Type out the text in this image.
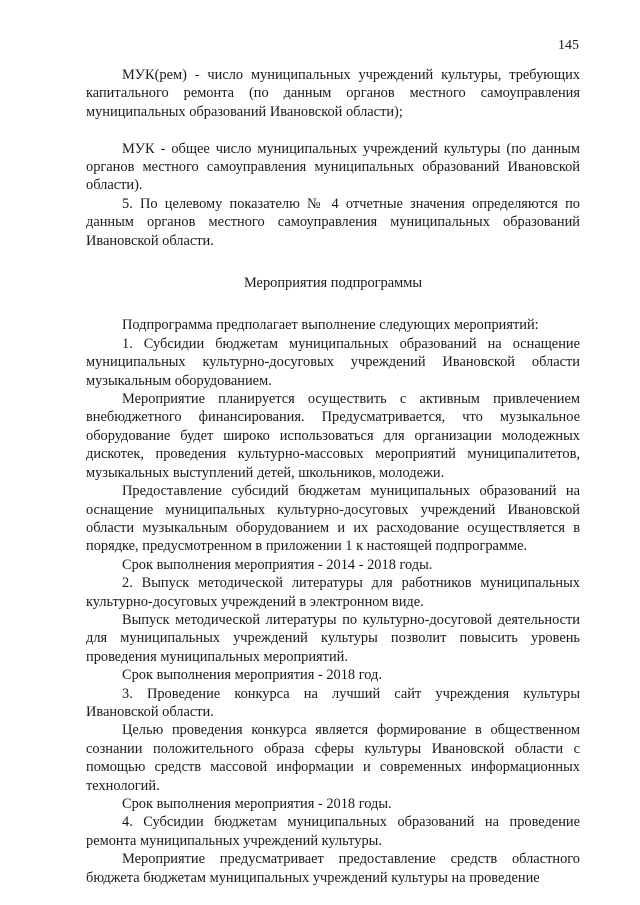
145

МУК(рем) - число муниципальных учреждений культуры, требующих капитального ремонта (по данным органов местного самоуправления муниципальных образований Ивановской области);

МУК - общее число муниципальных учреждений культуры (по данным органов местного самоуправления муниципальных образований Ивановской области).

5. По целевому показателю № 4 отчетные значения определяются по данным органов местного самоуправления муниципальных образований Ивановской области.

Мероприятия подпрограммы

Подпрограмма предполагает выполнение следующих мероприятий:

1. Субсидии бюджетам муниципальных образований на оснащение муниципальных культурно-досуговых учреждений Ивановской области музыкальным оборудованием.

Мероприятие планируется осуществить с активным привлечением внебюджетного финансирования. Предусматривается, что музыкальное оборудование будет широко использоваться для организации молодежных дискотек, проведения культурно-массовых мероприятий муниципалитетов, музыкальных выступлений детей, школьников, молодежи.

Предоставление субсидий бюджетам муниципальных образований на оснащение муниципальных культурно-досуговых учреждений Ивановской области музыкальным оборудованием и их расходование осуществляется в порядке, предусмотренном в приложении 1 к настоящей подпрограмме.

Срок выполнения мероприятия - 2014 - 2018 годы.

2. Выпуск методической литературы для работников муниципальных культурно-досуговых учреждений в электронном виде.

Выпуск методической литературы по культурно-досуговой деятельности для муниципальных учреждений культуры позволит повысить уровень проведения муниципальных мероприятий.

Срок выполнения мероприятия - 2018 год.

3. Проведение конкурса на лучший сайт учреждения культуры Ивановской области.

Целью проведения конкурса является формирование в общественном сознании положительного образа сферы культуры Ивановской области с помощью средств массовой информации и современных информационных технологий.

Срок выполнения мероприятия - 2018 годы.

4. Субсидии бюджетам муниципальных образований на проведение ремонта муниципальных учреждений культуры.

Мероприятие предусматривает предоставление средств областного бюджета бюджетам муниципальных учреждений культуры на проведение
